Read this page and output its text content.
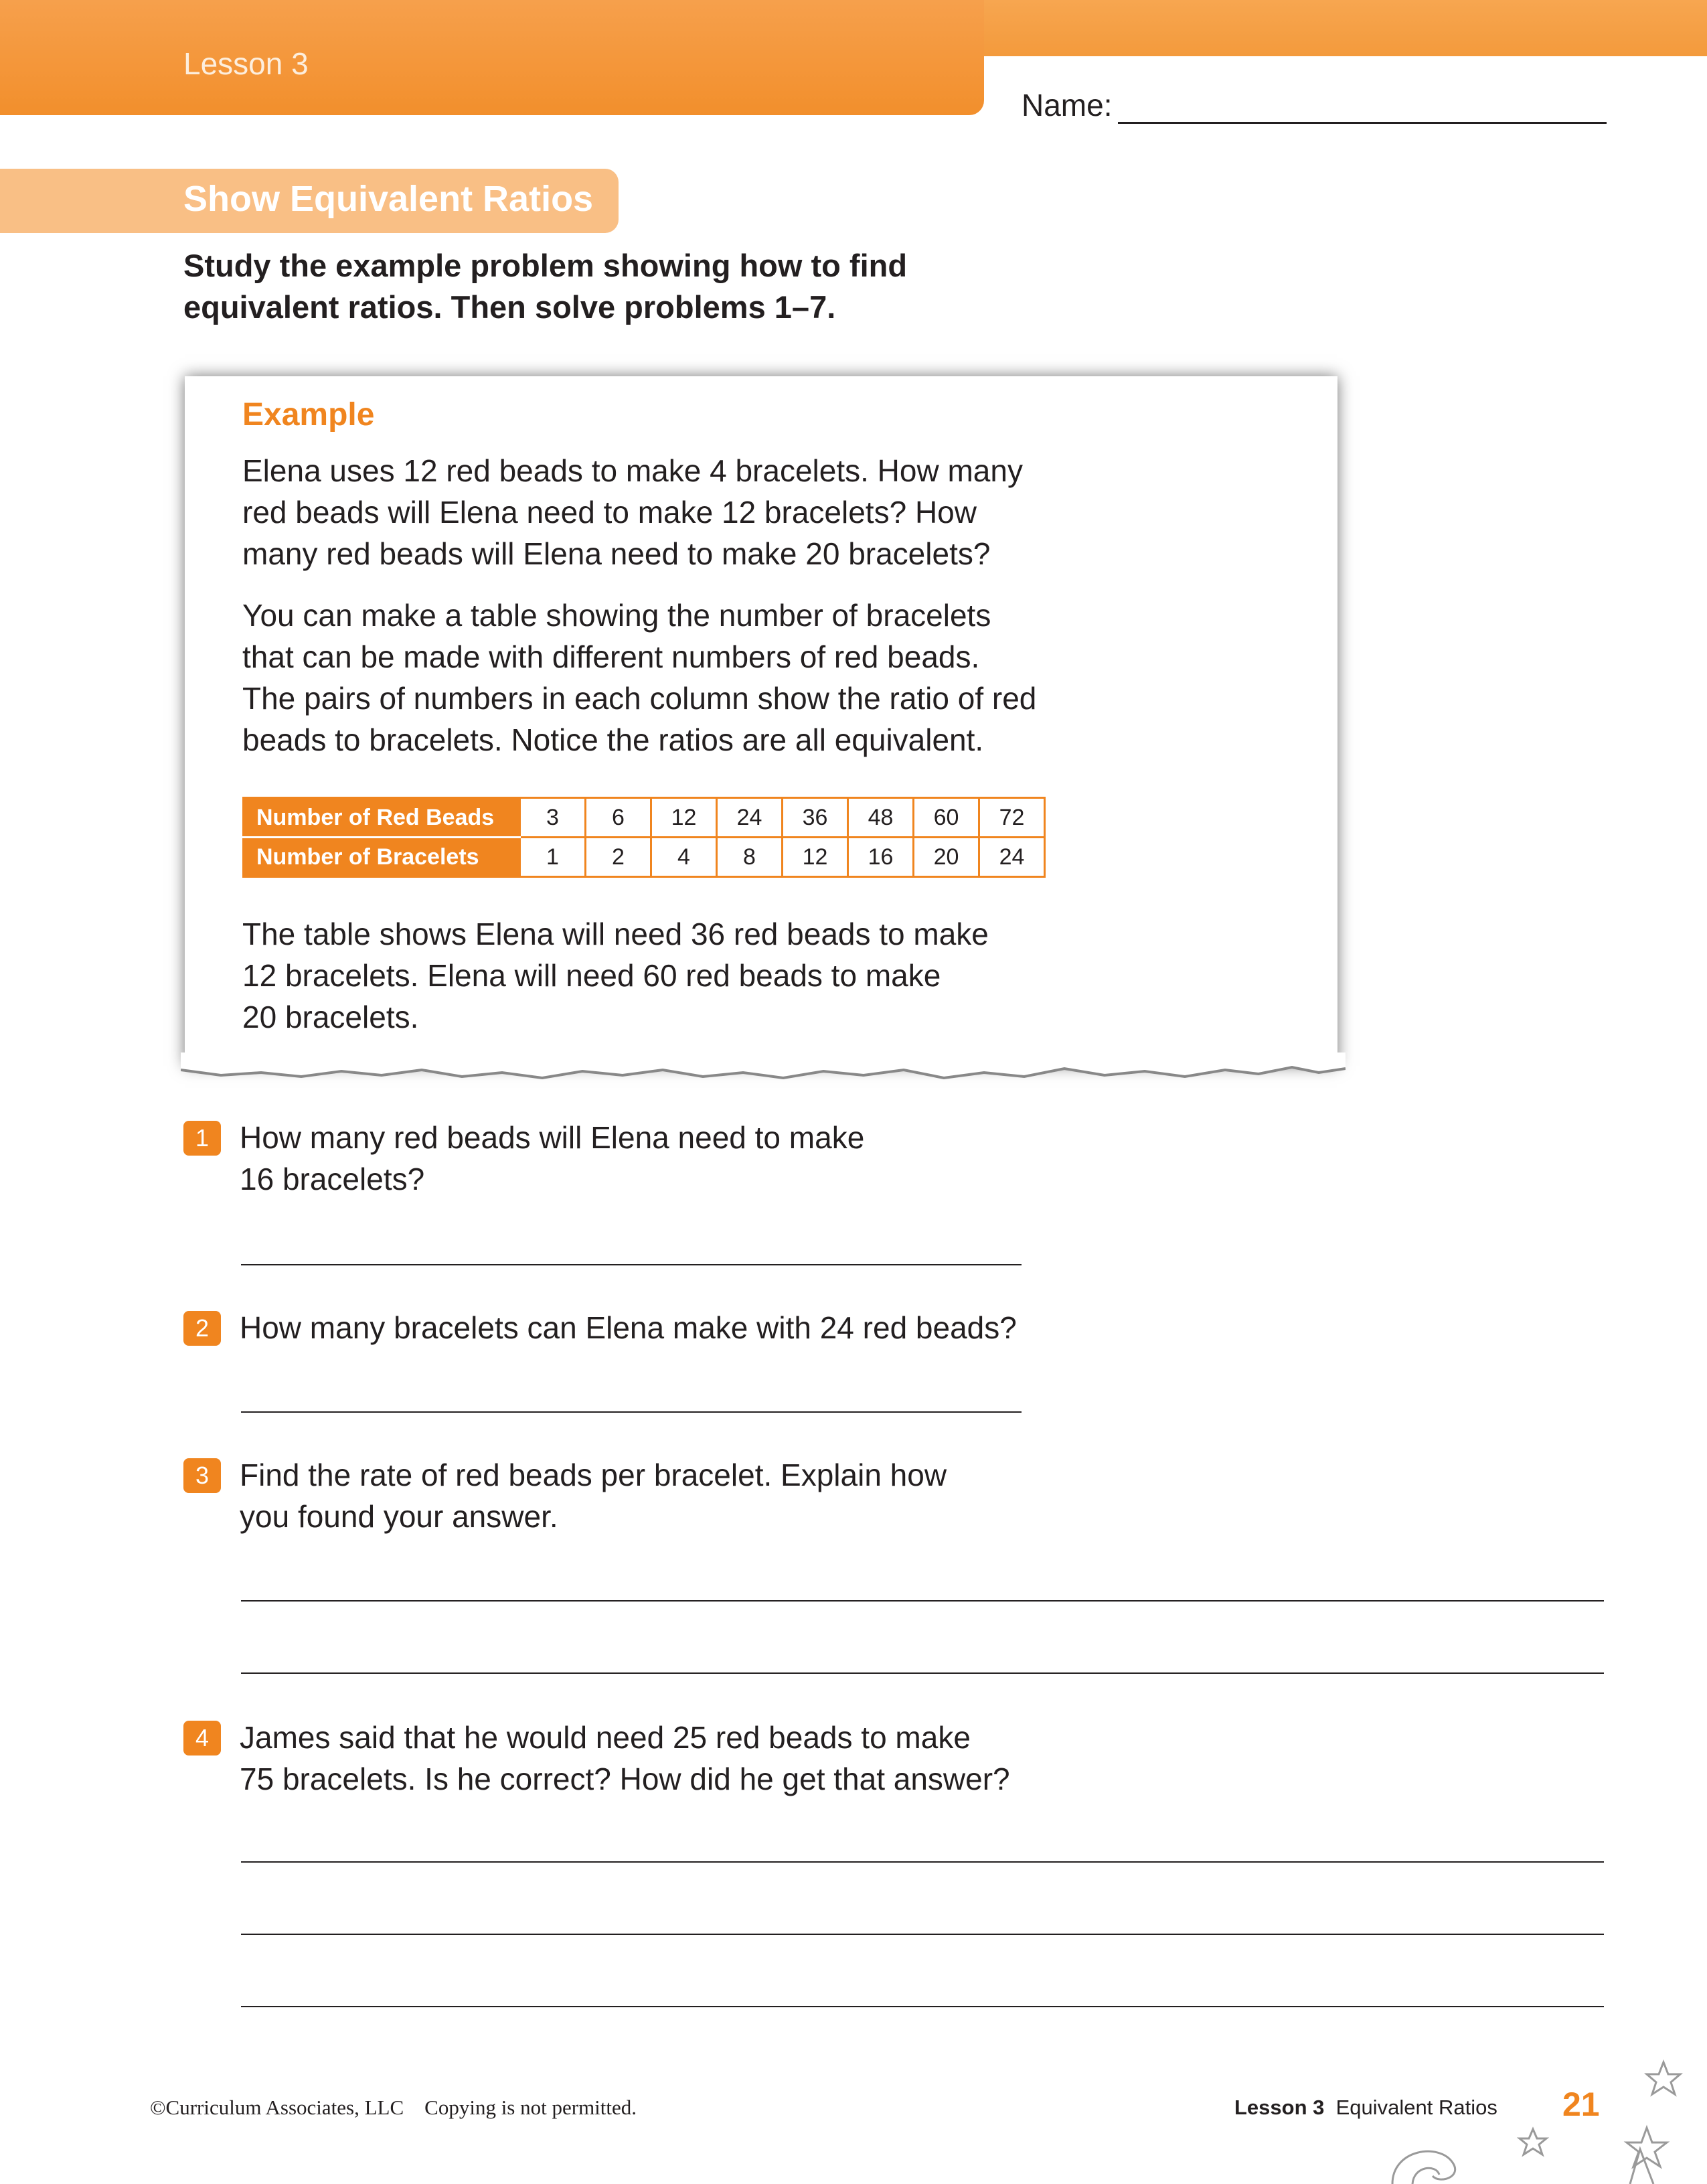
Lesson 3
Name:
Show Equivalent Ratios
Study the example problem showing how to find
equivalent ratios. Then solve problems 1–7.
Example
Elena uses 12 red beads to make 4 bracelets. How many
red beads will Elena need to make 12 bracelets? How
many red beads will Elena need to make 20 bracelets?
You can make a table showing the number of bracelets
that can be made with different numbers of red beads.
The pairs of numbers in each column show the ratio of red
beads to bracelets. Notice the ratios are all equivalent.
Number of Red Beads	3	6	12	24	36	48	60	72
Number of Bracelets	1	2	4	8	12	16	20	24
The table shows Elena will need 36 red beads to make
12 bracelets. Elena will need 60 red beads to make
20 bracelets.
1 How many red beads will Elena need to make
16 bracelets?
2 How many bracelets can Elena make with 24 red beads?
3 Find the rate of red beads per bracelet. Explain how
you found your answer.
4 James said that he would need 25 red beads to make
75 bracelets. Is he correct? How did he get that answer?
©Curriculum Associates, LLC Copying is not permitted.	Lesson 3 Equivalent Ratios 21
